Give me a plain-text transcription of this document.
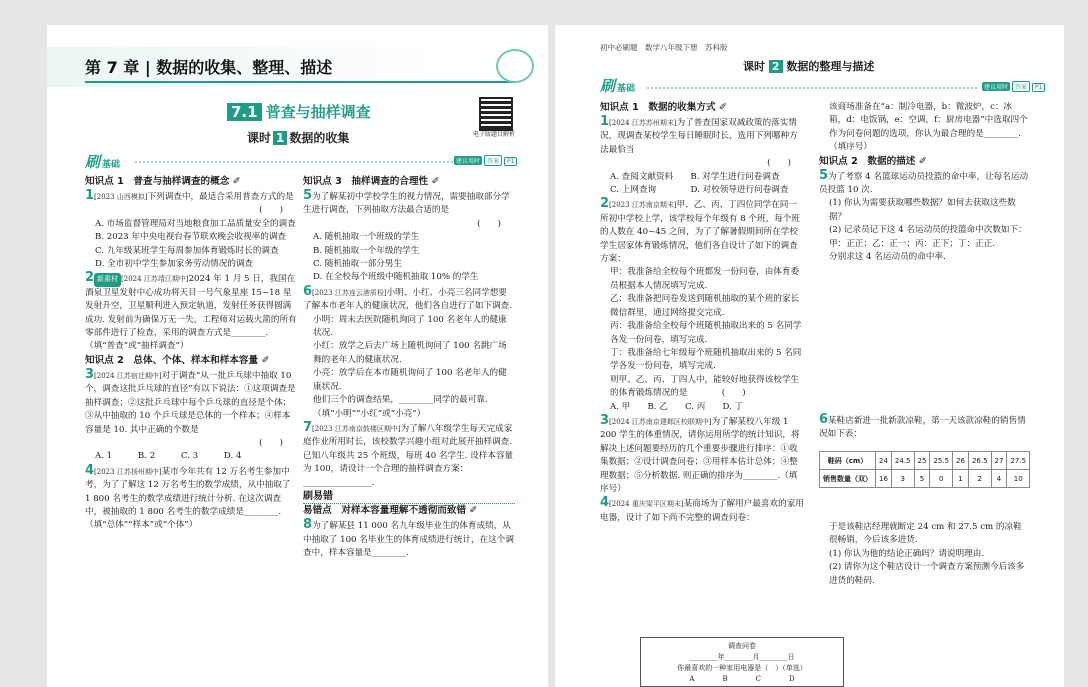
第 7 章 | 数据的收集、整理、描述
7.1 普查与抽样调查
课时 1 数据的收集	电子版题目解析
刷基础	建议用时 答案 P1

知识点 1　普查与抽样调查的概念 ✐

1[2023 山西模拟]下列调查中，最适合采用普查方式的是

(　　)

A. 市场监督管理局对当地粮食加工品质量安全的调查

B. 2023 年中央电视台春节联欢晚会收视率的调查

C. 九年级某班学生每周参加体育锻炼时长的调查

D. 全市初中学生参加家务劳动情况的调查

2 新素材 [2024 江苏靖江期中]2024 年 1 月 5 日，我国在酒泉卫星发射中心成功将天目一号气象星座 15~18 星发射升空，卫星顺利进入预定轨道，发射任务获得圆满成功. 发射前为确保万无一失，工程师对运载火箭的所有零部件进行了检查，采用的调查方式是________.（填“普查”或“抽样调查”）

知识点 2　总体、个体、样本和样本容量 ✐

3[2024 江苏宿迁期中]对于调查“从一批乒乓球中抽取 10 个，调查这批乒乓球的直径”有以下说法：①这项调查是抽样调查；②这批乒乓球中每个乒乓球的直径是个体；③从中抽取的 10 个乒乓球是总体的一个样本；④样本容量是 10. 其中正确的个数是

(　　)

A. 1　　　B. 2　　　C. 3　　　D. 4

4[2023 江苏扬州期中]某市今年共有 12 万名考生参加中考，为了了解这 12 万名考生的数学成绩，从中抽取了 1 800 名考生的数学成绩进行统计分析. 在这次调查中，被抽取的 1 800 名考生的数学成绩是________.（填“总体”“样本”或“个体”）

知识点 3　抽样调查的合理性 ✐

5为了解某初中学校学生的视力情况，需要抽取部分学生进行调查，下列抽取方法最合适的是

(　　)

A. 随机抽取一个班级的学生

B. 随机抽取一个年级的学生

C. 随机抽取一部分男生

D. 在全校每个班级中随机抽取 10% 的学生

6[2023 江苏连云港质检]小明、小红、小亮三名同学想要了解本市老年人的健康状况，他们各自进行了如下调查.

小明：周末去医院随机询问了 100 名老年人的健康状况.

小红：放学之后去广场上随机询问了 100 名跳广场舞的老年人的健康状况.

小亮：放学后在本市随机询问了 100 名老年人的健康状况.

他们三个的调查结果，________同学的最可靠.（填“小明”“小红”或“小亮”）

7[2023 江苏南京鼓楼区期中]为了解八年级学生每天完成家庭作业所用时长，该校数学兴趣小组对此展开抽样调查. 已知八年级共 25 个班级，每班 40 名学生. 设样本容量为 100，请设计一个合理的抽样调查方案：________________.

刷易错

易错点　对样本容量理解不透彻而致错 ✐

8为了解某县 11 000 名九年级毕业生的体育成绩，从中抽取了 100 名毕业生的体育成绩进行统计，在这个调查中，样本容量是________.

初中必刷题　数学八年级下册　苏科版
课时 2 数据的整理与描述
刷基础	建议用时 答案 P1

知识点 1　数据的收集方式 ✐

1[2024 江苏苏州期末]为了普查国家双减政策的落实情况，现调查某校学生每日睡眠时长，选用下列哪种方法最恰当

(　　)

A. 查阅文献资料　　B. 对学生进行问卷调查

C. 上网查询　　　　D. 对校领导进行问卷调查

2[2023 江苏南京期末]甲、乙、丙、丁四位同学在同一所初中学校上学，该学校每个年级有 8 个班，每个班的人数在 40~45 之间，为了了解暑假期间所在学校学生居家体育锻炼情况，他们各自设计了如下的调查方案：

甲：我准备给全校每个班都发一份问卷，由体育委员根据本人情况填写完成.

乙：我准备把问卷发送到随机抽取的某个班的家长微信群里，通过网络提交完成.

丙：我准备给全校每个班随机抽取出来的 5 名同学各发一份问卷，填写完成.

丁：我准备给七年级每个班随机抽取出来的 5 名同学各发一份问卷，填写完成.

则甲、乙、丙、丁四人中，能较好地获得该校学生的体育锻炼情况的是　　　　(　　)

A. 甲　　B. 乙　　C. 丙　　D. 丁

3[2024 江苏南京建邺区校联期中]为了解某校八年级 1 200 学生的体重情况，请你运用所学的统计知识，将解决上述问题要经历的几个重要步骤进行排序：①收集数据；②设计调查问卷；③用样本估计总体；④整理数据；⑤分析数据. 则正确的排序为________.（填序号）

4[2024 重庆梁平区期末]某商场为了解用户最喜欢的家用电器，设计了如下尚不完整的调查问卷：

调查问卷
________年________月________日
你最喜欢的一种家用电器是（　）（单选）
A　　　　B　　　　C　　　　D

该商场准备在“a：制冷电器，b：微波炉，c：冰箱，d：电饭锅，e：空调，f：厨房电器”中选取四个作为问卷问题的选项，你认为最合理的是________.（填序号）

知识点 2　数据的描述 ✐

5为了考察 4 名篮球运动员投篮的命中率，让每名运动员投篮 10 次.

(1) 你认为需要获取哪些数据？如何去获取这些数据？

(2) 记录员记下这 4 名运动员的投篮命中次数如下：

甲：正正；乙：正一；丙：正下；丁：正正.

分别求这 4 名运动员的命中率.

6某鞋店新进一批新款凉鞋，第一天该款凉鞋的销售情况如下表：

鞋码（cm）	24	24.5	25	25.5	26	26.5	27	27.5
销售数量（双）	16	3	5	0	1	2	4	10

于是该鞋店经理就断定 24 cm 和 27.5 cm 的凉鞋很畅销，今后该多进货.

(1) 你认为他的结论正确吗？请说明理由.

(2) 请你为这个鞋店设计一个调查方案预测今后该多进货的鞋码.
